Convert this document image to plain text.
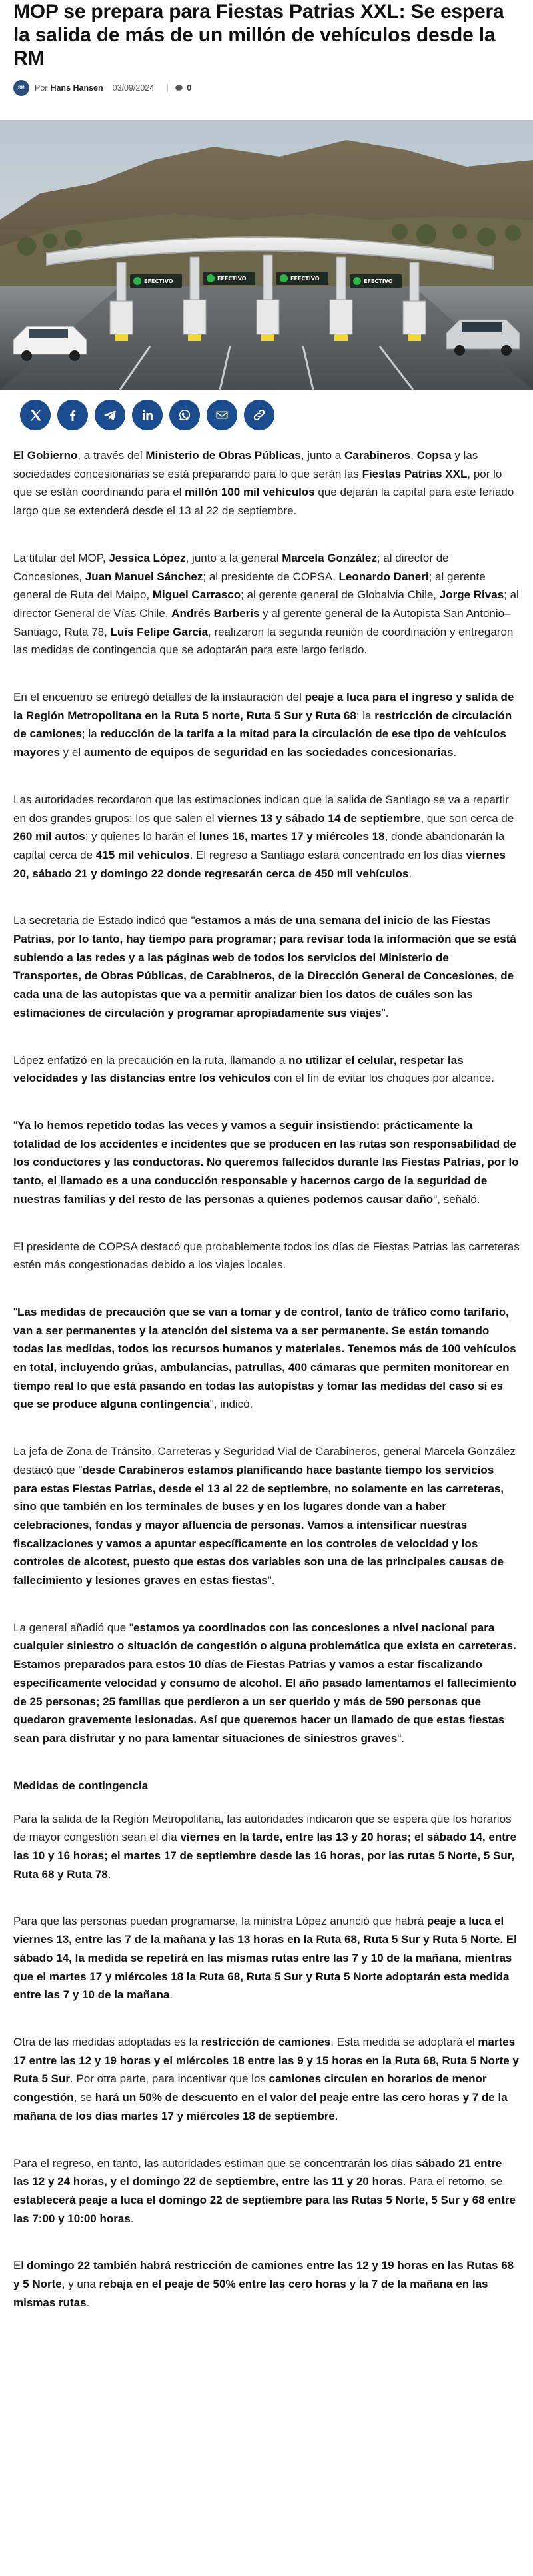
MOP se prepara para Fiestas Patrias XXL: Se espera la salida de más de un millón de vehículos desde la RM
RM Por Hans Hansen 03/09/2024	0
EFECTIVO	EFECTIVO	EFECTIVO	EFECTIVO

El Gobierno, a través del Ministerio de Obras Públicas, junto a Carabineros, Copsa y las sociedades concesionarias se está preparando para lo que serán las Fiestas Patrias XXL, por lo que se están coordinando para el millón 100 mil vehículos que dejarán la capital para este feriado largo que se extenderá desde el 13 al 22 de septiembre.

La titular del MOP, Jessica López, junto a la general Marcela González; al director de Concesiones, Juan Manuel Sánchez; al presidente de COPSA, Leonardo Daneri; al gerente general de Ruta del Maipo, Miguel Carrasco; al gerente general de Globalvia Chile, Jorge Rivas; al director General de Vías Chile, Andrés Barberis y al gerente general de la Autopista San Antonio–Santiago, Ruta 78, Luis Felipe García, realizaron la segunda reunión de coordinación y entregaron las medidas de contingencia que se adoptarán para este largo feriado.

En el encuentro se entregó detalles de la instauración del peaje a luca para el ingreso y salida de la Región Metropolitana en la Ruta 5 norte, Ruta 5 Sur y Ruta 68; la restricción de circulación de camiones; la reducción de la tarifa a la mitad para la circulación de ese tipo de vehículos mayores y el aumento de equipos de seguridad en las sociedades concesionarias.

Las autoridades recordaron que las estimaciones indican que la salida de Santiago se va a repartir en dos grandes grupos: los que salen el viernes 13 y sábado 14 de septiembre, que son cerca de 260 mil autos; y quienes lo harán el lunes 16, martes 17 y miércoles 18, donde abandonarán la capital cerca de 415 mil vehículos. El regreso a Santiago estará concentrado en los días viernes 20, sábado 21 y domingo 22 donde regresarán cerca de 450 mil vehículos.

La secretaria de Estado indicó que "estamos a más de una semana del inicio de las Fiestas Patrias, por lo tanto, hay tiempo para programar; para revisar toda la información que se está subiendo a las redes y a las páginas web de todos los servicios del Ministerio de Transportes, de Obras Públicas, de Carabineros, de la Dirección General de Concesiones, de cada una de las autopistas que va a permitir analizar bien los datos de cuáles son las estimaciones de circulación y programar apropiadamente sus viajes".

López enfatizó en la precaución en la ruta, llamando a no utilizar el celular, respetar las velocidades y las distancias entre los vehículos con el fin de evitar los choques por alcance.

"Ya lo hemos repetido todas las veces y vamos a seguir insistiendo: prácticamente la totalidad de los accidentes e incidentes que se producen en las rutas son responsabilidad de los conductores y las conductoras. No queremos fallecidos durante las Fiestas Patrias, por lo tanto, el llamado es a una conducción responsable y hacernos cargo de la seguridad de nuestras familias y del resto de las personas a quienes podemos causar daño", señaló.

El presidente de COPSA destacó que probablemente todos los días de Fiestas Patrias las carreteras estén más congestionadas debido a los viajes locales.

"Las medidas de precaución que se van a tomar y de control, tanto de tráfico como tarifario, van a ser permanentes y la atención del sistema va a ser permanente. Se están tomando todas las medidas, todos los recursos humanos y materiales. Tenemos más de 100 vehículos en total, incluyendo grúas, ambulancias, patrullas, 400 cámaras que permiten monitorear en tiempo real lo que está pasando en todas las autopistas y tomar las medidas del caso si es que se produce alguna contingencia", indicó.

La jefa de Zona de Tránsito, Carreteras y Seguridad Vial de Carabineros, general Marcela González destacó que "desde Carabineros estamos planificando hace bastante tiempo los servicios para estas Fiestas Patrias, desde el 13 al 22 de septiembre, no solamente en las carreteras, sino que también en los terminales de buses y en los lugares donde van a haber celebraciones, fondas y mayor afluencia de personas. Vamos a intensificar nuestras fiscalizaciones y vamos a apuntar específicamente en los controles de velocidad y los controles de alcotest, puesto que estas dos variables son una de las principales causas de fallecimiento y lesiones graves en estas fiestas".

La general añadió que "estamos ya coordinados con las concesiones a nivel nacional para cualquier siniestro o situación de congestión o alguna problemática que exista en carreteras. Estamos preparados para estos 10 días de Fiestas Patrias y vamos a estar fiscalizando específicamente velocidad y consumo de alcohol. El año pasado lamentamos el fallecimiento de 25 personas; 25 familias que perdieron a un ser querido y más de 590 personas que quedaron gravemente lesionadas. Así que queremos hacer un llamado de que estas fiestas sean para disfrutar y no para lamentar situaciones de siniestros graves".

Medidas de contingencia

Para la salida de la Región Metropolitana, las autoridades indicaron que se espera que los horarios de mayor congestión sean el día viernes en la tarde, entre las 13 y 20 horas; el sábado 14, entre las 10 y 16 horas; el martes 17 de septiembre desde las 16 horas, por las rutas 5 Norte, 5 Sur, Ruta 68 y Ruta 78.

Para que las personas puedan programarse, la ministra López anunció que habrá peaje a luca el viernes 13, entre las 7 de la mañana y las 13 horas en la Ruta 68, Ruta 5 Sur y Ruta 5 Norte. El sábado 14, la medida se repetirá en las mismas rutas entre las 7 y 10 de la mañana, mientras que el martes 17 y miércoles 18 la Ruta 68, Ruta 5 Sur y Ruta 5 Norte adoptarán esta medida entre las 7 y 10 de la mañana.

Otra de las medidas adoptadas es la restricción de camiones. Esta medida se adoptará el martes 17 entre las 12 y 19 horas y el miércoles 18 entre las 9 y 15 horas en la Ruta 68, Ruta 5 Norte y Ruta 5 Sur. Por otra parte, para incentivar que los camiones circulen en horarios de menor congestión, se hará un 50% de descuento en el valor del peaje entre las cero horas y 7 de la mañana de los días martes 17 y miércoles 18 de septiembre.

Para el regreso, en tanto, las autoridades estiman que se concentrarán los días sábado 21 entre las 12 y 24 horas, y el domingo 22 de septiembre, entre las 11 y 20 horas. Para el retorno, se establecerá peaje a luca el domingo 22 de septiembre para las Rutas 5 Norte, 5 Sur y 68 entre las 7:00 y 10:00 horas.

El domingo 22 también habrá restricción de camiones entre las 12 y 19 horas en las Rutas 68 y 5 Norte, y una rebaja en el peaje de 50% entre las cero horas y la 7 de la mañana en las mismas rutas.
